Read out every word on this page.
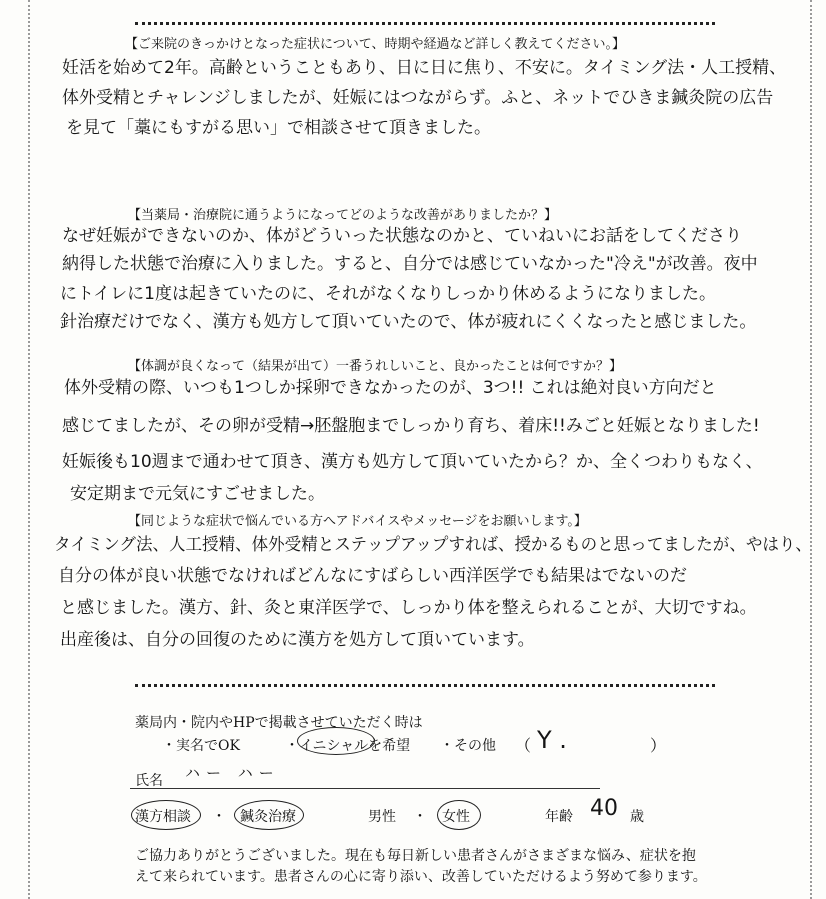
【ご来院のきっかけとなった症状について、時期や経過など詳しく教えてください。】
妊活を始めて2年。高齢ということもあり、日に日に焦り、不安に。タイミング法・人工授精、
体外受精とチャレンジしましたが、妊娠にはつながらず。ふと、ネットでひきま鍼灸院の広告
を見て「藁にもすがる思い」で相談させて頂きました。
【当薬局・治療院に通うようになってどのような改善がありましたか？】
なぜ妊娠ができないのか、体がどういった状態なのかと、ていねいにお話をしてくださり
納得した状態で治療に入りました。すると、自分では感じていなかった"冷え"が改善。夜中
にトイレに1度は起きていたのに、それがなくなりしっかり休めるようになりました。
針治療だけでなく、漢方も処方して頂いていたので、体が疲れにくくなったと感じました。
【体調が良くなって（結果が出て）一番うれしいこと、良かったことは何ですか？】
体外受精の際、いつも1つしか採卵できなかったのが、3つ!! これは絶対良い方向だと
感じてましたが、その卵が受精→胚盤胞までしっかり育ち、着床!!みごと妊娠となりました!
妊娠後も10週まで通わせて頂き、漢方も処方して頂いていたから？か、全くつわりもなく、
安定期まで元気にすごせました。
【同じような症状で悩んでいる方へアドバイスやメッセージをお願いします。】
タイミング法、人工授精、体外受精とステップアップすれば、授かるものと思ってましたが、やはり、
自分の体が良い状態でなければどんなにすばらしい西洋医学でも結果はでないのだ
と感じました。漢方、針、灸と東洋医学で、しっかり体を整えられることが、大切ですね。
出産後は、自分の回復のために漢方を処方して頂いています。
薬局内・院内やHPで掲載させていただく時は
・実名でOK	・イニシャルを希望 ・その他 （ Y .	）
氏名 ハー ハー
漢方相談 ・ 鍼灸治療	男性 ・ 女性	年齢 40 歳
ご協力ありがとうございました。現在も毎日新しい患者さんがさまざまな悩み、症状を抱
えて来られています。患者さんの心に寄り添い、改善していただけるよう努めて参ります。
